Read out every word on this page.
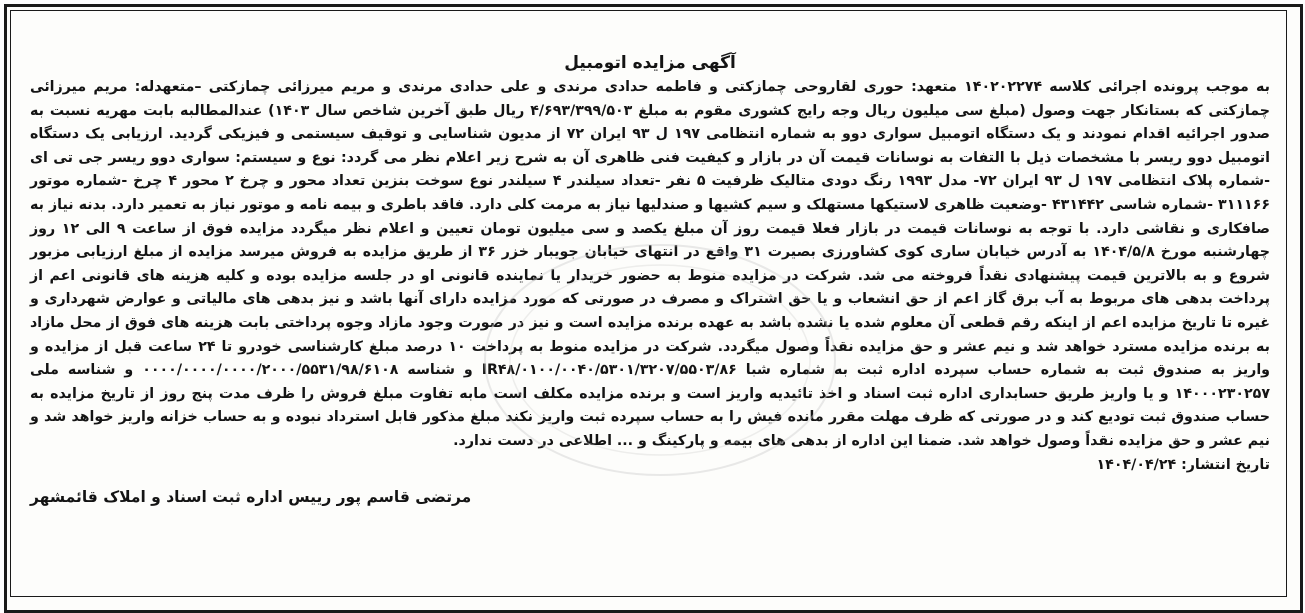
آگهی مزایده اتومبیل

به موجب پرونده اجرائی کلاسه ۱۴۰۲۰۲۲۷۴ متعهد: حوری لقاروحی چمازکتی و فاطمه حدادی مرندی و علی حدادی مرندی و مریم میرزائی چمازکتی –متعهدله: مریم میرزائی چمازکتی که بستانکار جهت وصول (مبلغ سی میلیون ریال وجه رایج کشوری مقوم به مبلغ ۴/۶۹۳/۳۹۹/۵۰۳ ریال طبق آخرین شاخص سال ۱۴۰۳) عندالمطالبه بابت مهریه نسبت به صدور اجرائیه اقدام نمودند و یک دستگاه اتومبیل سواری دوو به شماره انتظامی ۱۹۷ ل ۹۳ ایران ۷۲ از مدیون شناسایی و توقیف سیستمی و فیزیکی گردید. ارزیابی یک دستگاه اتومبیل دوو ریسر با مشخصات ذیل با التفات به نوسانات قیمت آن در بازار و کیفیت فنی ظاهری آن به شرح زیر اعلام نظر می گردد: نوع و سیستم: سواری دوو ریسر جی تی ای -شماره پلاک انتظامی ۱۹۷ ل ۹۳ ایران ۷۲- مدل ۱۹۹۳ رنگ دودی متالیک ظرفیت ۵ نفر -تعداد سیلندر ۴ سیلندر نوع سوخت بنزین تعداد محور و چرخ ۲ محور ۴ چرخ -شماره موتور ۳۱۱۱۶۶ -شماره شاسی ۴۳۱۴۴۲ -وضعیت ظاهری لاستیکها مستهلک و سیم کشیها و صندلیها نیاز به مرمت کلی دارد. فاقد باطری و بیمه نامه و موتور نیاز به تعمیر دارد. بدنه نیاز به صافکاری و نقاشی دارد. با توجه به نوسانات قیمت در بازار فعلا قیمت روز آن مبلغ یکصد و سی میلیون تومان تعیین و اعلام نظر میگردد مزایده فوق از ساعت ۹ الی ۱۲ روز چهارشنبه مورخ ۱۴۰۴/۵/۸ به آدرس خیابان ساری کوی کشاورزی بصیرت ۳۱ واقع در انتهای خیابان جویبار خزر ۳۶ از طریق مزایده به فروش میرسد مزایده از مبلغ ارزیابی مزبور شروع و به بالاترین قیمت پیشنهادی نقداً فروخته می شد. شرکت در مزایده منوط به حضور خریدار یا نماینده قانونی او در جلسه مزایده بوده و کلیه هزینه های قانونی اعم از پرداخت بدهی های مربوط به آب برق گاز اعم از حق انشعاب و یا حق اشتراک و مصرف در صورتی که مورد مزایده دارای آنها باشد و نیز بدهی های مالیاتی و عوارض شهرداری و غیره تا تاریخ مزایده اعم از اینکه رقم قطعی آن معلوم شده یا نشده باشد به عهده برنده مزایده است و نیز در صورت وجود مازاد وجوه پرداختی بابت هزینه های فوق از محل مازاد به برنده مزایده مسترد خواهد شد و نیم عشر و حق مزایده نقداً وصول میگردد. شرکت در مزایده منوط به پرداخت ۱۰ درصد مبلغ کارشناسی خودرو تا ۲۴ ساعت قبل از مزایده و واریز به صندوق ثبت به شماره حساب سپرده اداره ثبت به شماره شبا IR۴۸/۰۱۰۰/۰۰۴۰/۵۳۰۱/۳۲۰۷/۵۵۰۳/۸۶ و شناسه ۰۰۰۰/۰۰۰۰/۰۰۰۰/۲۰۰۰/۵۵۳۱/۹۸/۶۱۰۸ و شناسه ملی ۱۴۰۰۰۲۳۰۲۵۷ و یا واریز طریق حسابداری اداره ثبت اسناد و اخذ تائیدیه واریز است و برنده مزایده مکلف است مابه تفاوت مبلغ فروش را ظرف مدت پنج روز از تاریخ مزایده به حساب صندوق ثبت تودیع کند و در صورتی که ظرف مهلت مقرر مانده فیش را به حساب سپرده ثبت واریز نکند مبلغ مذکور قابل استرداد نبوده و به حساب خزانه واریز خواهد شد و نیم عشر و حق مزایده نقداً وصول خواهد شد. ضمنا این اداره از بدهی های بیمه و پارکینگ و ... اطلاعی در دست ندارد.

تاریخ انتشار: ۱۴۰۴/۰۴/۲۴

مرتضی قاسم پور رییس اداره ثبت اسناد و املاک قائمشهر
